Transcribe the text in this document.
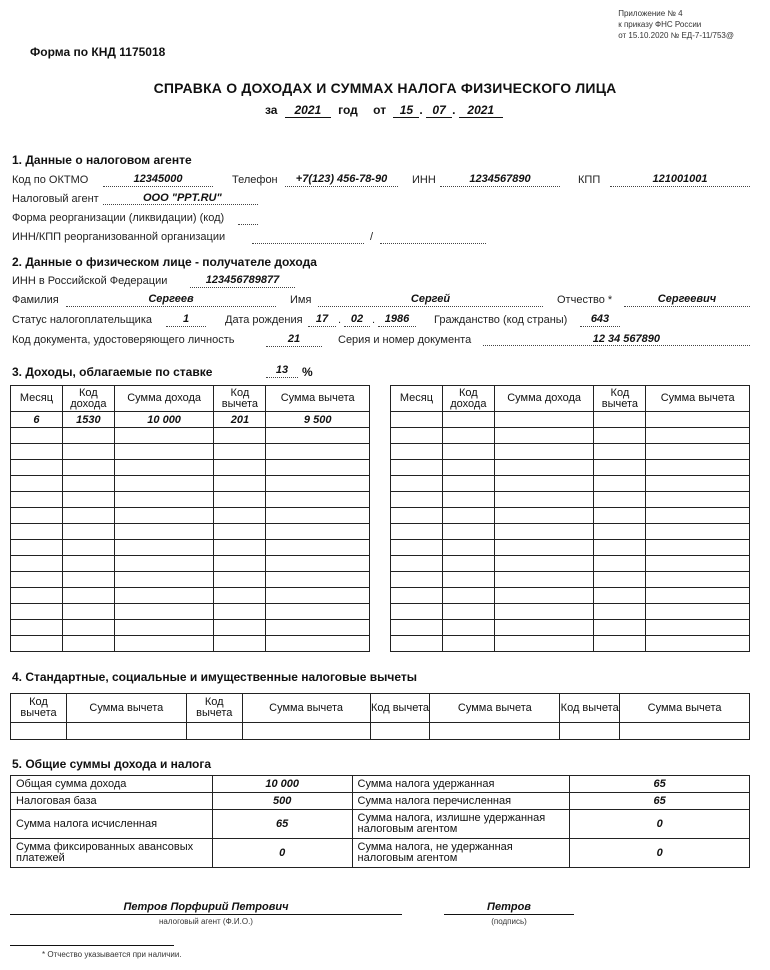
Приложение № 4
к приказу ФНС России
от 15.10.2020 № ЕД-7-11/753@
Форма по КНД 1175018
СПРАВКА О ДОХОДАХ И СУММАХ НАЛОГА ФИЗИЧЕСКОГО ЛИЦА
за 2021 год от 15 . 07 . 2021
1. Данные о налоговом агенте
Код по ОКТМО	12345000	Телефон	+7(123) 456-78-90	ИНН	1234567890	КПП	121001001
Налоговый агент	ООО "PPT.RU"
Форма реорганизации (ликвидации) (код)
ИНН/КПП реорганизованной организации	/
2. Данные о физическом лице - получателе дохода
ИНН в Российской Федерации	123456789877
Фамилия	Сергеев	Имя	Сергей	Отчество *	Сергеевич
Статус налогоплательщика	1	Дата рождения	17 . 02 . 1986	Гражданство (код страны)	643
Код документа, удостоверяющего личность	21	Серия и номер документа	12 34 567890
3. Доходы, облагаемые по ставке	13	%
Месяц	Код дохода	Сумма дохода	Код вычета	Сумма вычета
6	1530	10 000	201	9 500

Месяц	Код дохода	Сумма дохода	Код вычета	Сумма вычета

4. Стандартные, социальные и имущественные налоговые вычеты
Код вычета	Сумма вычета	Код вычета	Сумма вычета	Код вычета	Сумма вычета	Код вычета	Сумма вычета

5. Общие суммы дохода и налога
Общая сумма дохода	10 000	Сумма налога удержанная	65
Налоговая база	500	Сумма налога перечисленная	65
Сумма налога исчисленная	65	Сумма налога, излишне удержанная налоговым агентом	0
Сумма фиксированных авансовых платежей	0	Сумма налога, не удержанная налоговым агентом	0
Петров Порфирий Петрович
налоговый агент (Ф.И.О.)
Петров
(подпись)
* Отчество указывается при наличии.
